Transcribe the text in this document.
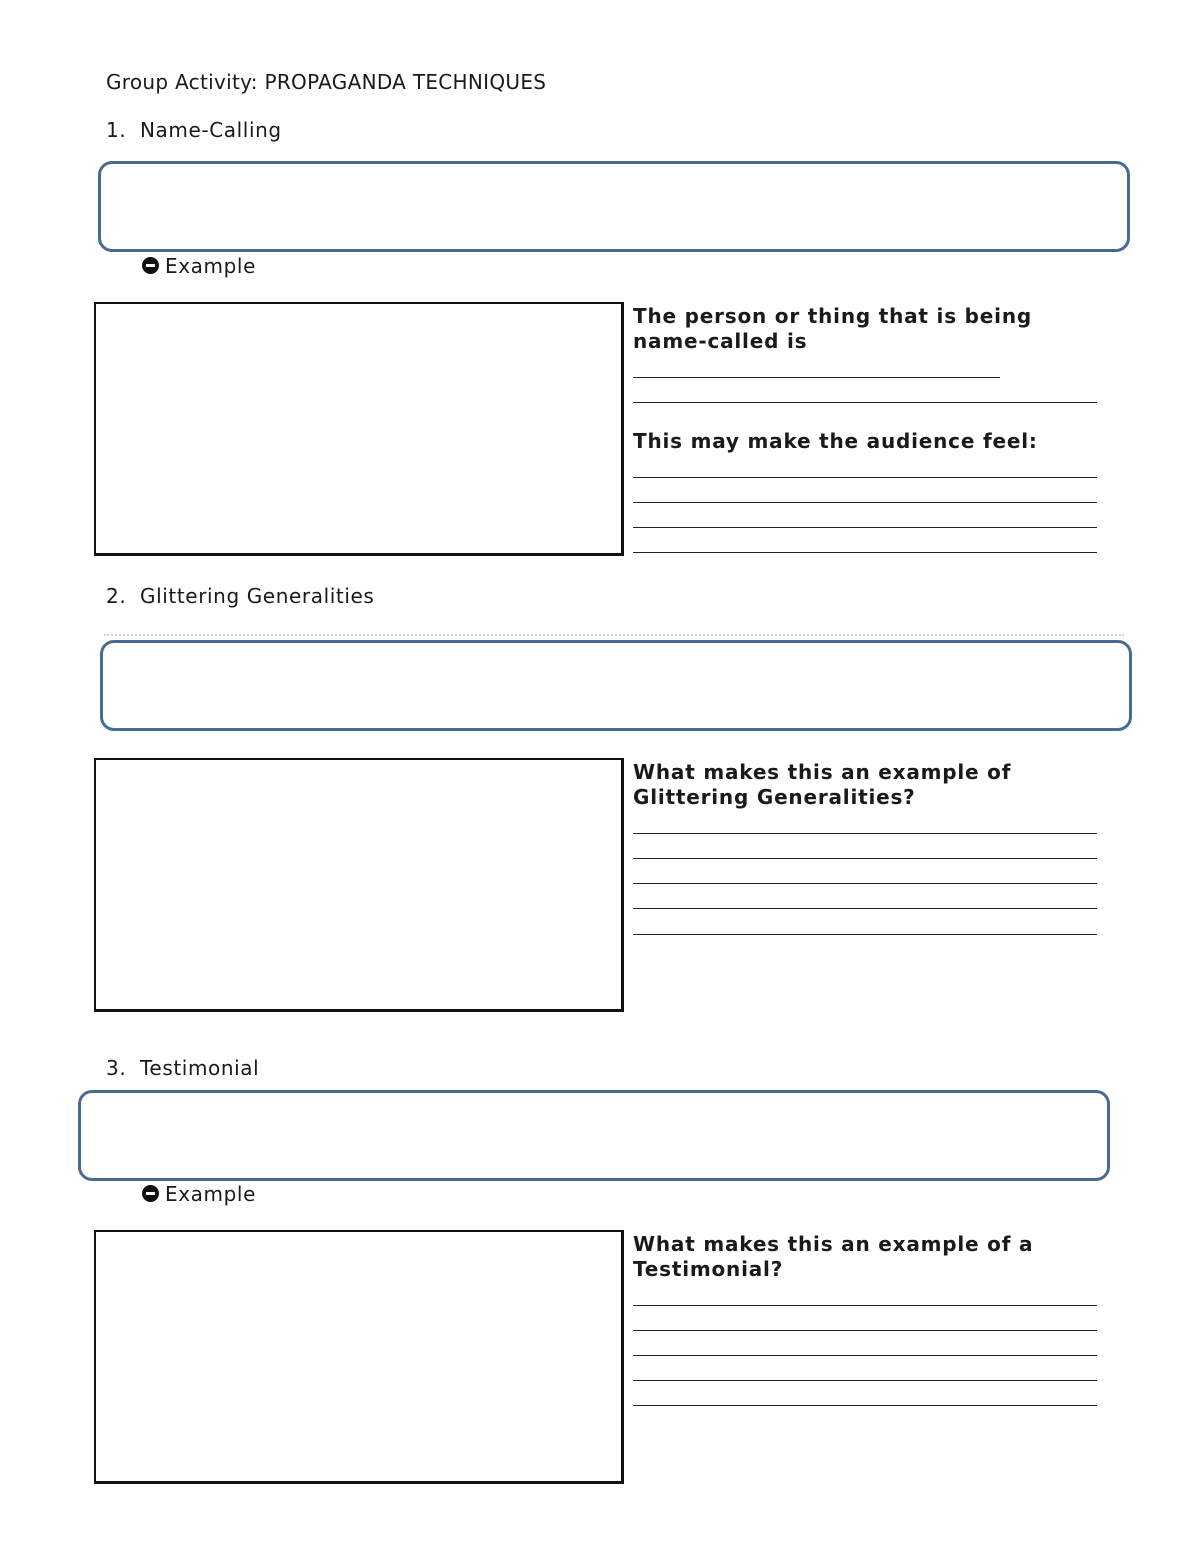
Group Activity: PROPAGANDA TECHNIQUES
1. Name-Calling
Example
The person or thing that is being name-called is
This may make the audience feel:
2. Glittering Generalities
What makes this an example of Glittering Generalities?
3. Testimonial
Example
What makes this an example of a Testimonial?
